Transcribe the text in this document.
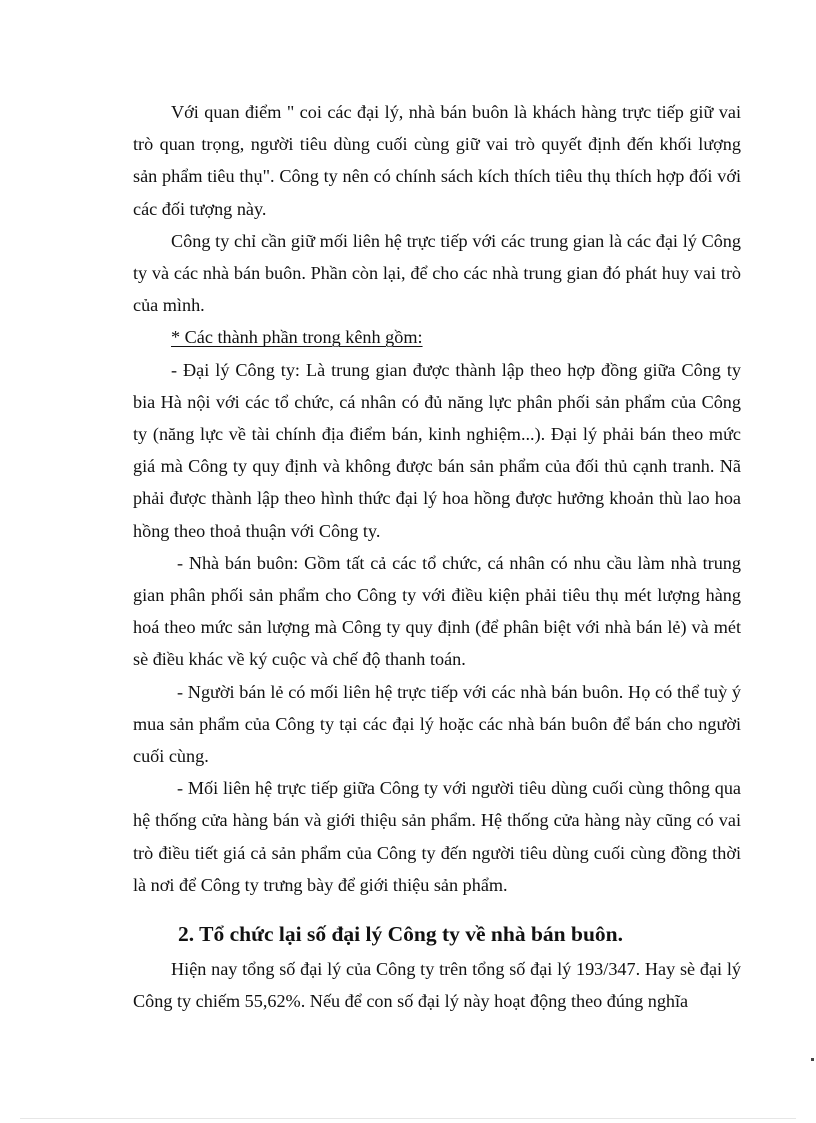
Với quan điểm " coi các đại lý, nhà bán buôn là khách hàng trực tiếp giữ vai trò quan trọng, người tiêu dùng cuối cùng giữ vai trò quyết định đến khối lượng sản phẩm tiêu thụ". Công ty nên có chính sách kích thích tiêu thụ thích hợp đối với các đối tượng này.

Công ty chỉ cần giữ mối liên hệ trực tiếp với các trung gian là các đại lý Công ty và các nhà bán buôn. Phần còn lại, để cho các nhà trung gian đó phát huy vai trò của mình.

* Các thành phần trong kênh gồm:

- Đại lý Công ty: Là trung gian được thành lập theo hợp đồng giữa Công ty bia Hà nội với các tổ chức, cá nhân có đủ năng lực phân phối sản phẩm của Công ty (năng lực về tài chính địa điểm bán, kinh nghiệm...). Đại lý phải bán theo mức giá mà Công ty quy định và không được bán sản phẩm của đối thủ cạnh tranh. Nã phải được thành lập theo hình thức đại lý hoa hồng được hưởng khoản thù lao hoa hồng theo thoả thuận với Công ty.

- Nhà bán buôn: Gồm tất cả các tổ chức, cá nhân có nhu cầu làm nhà trung gian phân phối sản phẩm cho Công ty với điều kiện phải tiêu thụ mét lượng hàng hoá theo mức sản lượng mà Công ty quy định (để phân biệt với nhà bán lẻ) và mét sè điều khác về ký cuộc và chế độ thanh toán.

- Người bán lẻ có mối liên hệ trực tiếp với các nhà bán buôn. Họ có thể tuỳ ý mua sản phẩm của Công ty tại các đại lý hoặc các nhà bán buôn để bán cho người cuối cùng.

- Mối liên hệ trực tiếp giữa Công ty với người tiêu dùng cuối cùng thông qua hệ thống cửa hàng bán và giới thiệu sản phẩm. Hệ thống cửa hàng này cũng có vai trò điều tiết giá cả sản phẩm của Công ty đến người tiêu dùng cuối cùng đồng thời là nơi để Công ty trưng bày để giới thiệu sản phẩm.

2. Tổ chức lại số đại lý Công ty về nhà bán buôn.

Hiện nay tổng số đại lý của Công ty trên tổng số đại lý 193/347. Hay sè đại lý Công ty chiếm 55,62%. Nếu để con số đại lý này hoạt động theo đúng nghĩa
